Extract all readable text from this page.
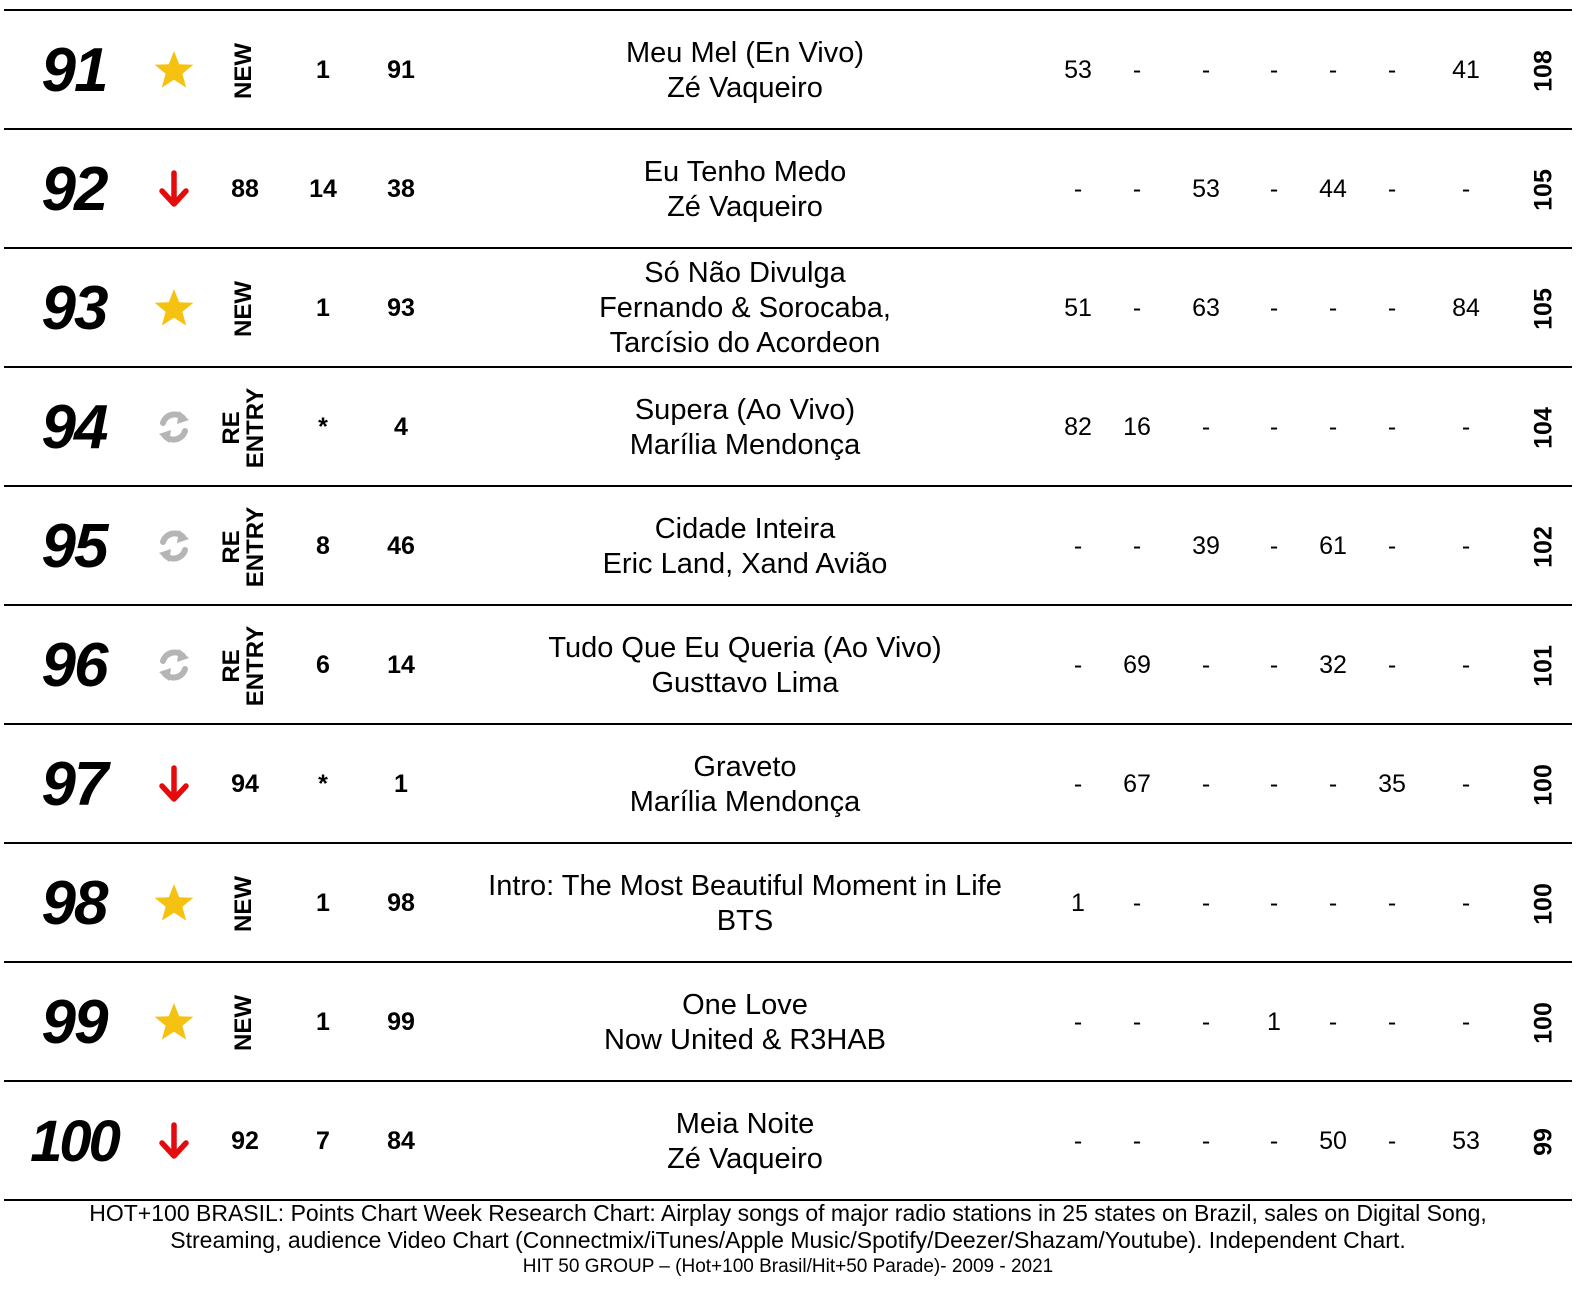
91	NEW	1	91
Meu Mel (En Vivo)
Zé Vaqueiro
53	-	-	-	-	-	41	108
92	88	14	38
Eu Tenho Medo
Zé Vaqueiro
-	-	53	-	44	-	-	105
93	NEW	1	93
Só Não Divulga
Fernando & Sorocaba,
Tarcísio do Acordeon
51	-	63	-	-	-	84	105
94	RE
ENTRY	*	4
Supera (Ao Vivo)
Marília Mendonça
82	16	-	-	-	-	-	104
95	RE
ENTRY	8	46
Cidade Inteira
Eric Land, Xand Avião
-	-	39	-	61	-	-	102
96	RE
ENTRY	6	14
Tudo Que Eu Queria (Ao Vivo)
Gusttavo Lima
-	69	-	-	32	-	-	101
97	94	*	1
Graveto
Marília Mendonça
-	67	-	-	-	35	-	100
98	NEW	1	98
Intro: The Most Beautiful Moment in Life
BTS
1	-	-	-	-	-	-	100
99	NEW	1	99
One Love
Now United & R3HAB
-	-	-	1	-	-	-	100
100	92	7	84
Meia Noite
Zé Vaqueiro
-	-	-	-	50	-	53	99
HOT+100 BRASIL: Points Chart Week Research Chart: Airplay songs of major radio stations in 25 states on Brazil, sales on Digital Song,
Streaming, audience Video Chart (Connectmix/iTunes/Apple Music/Spotify/Deezer/Shazam/Youtube). Independent Chart.
HIT 50 GROUP – (Hot+100 Brasil/Hit+50 Parade)- 2009 - 2021
